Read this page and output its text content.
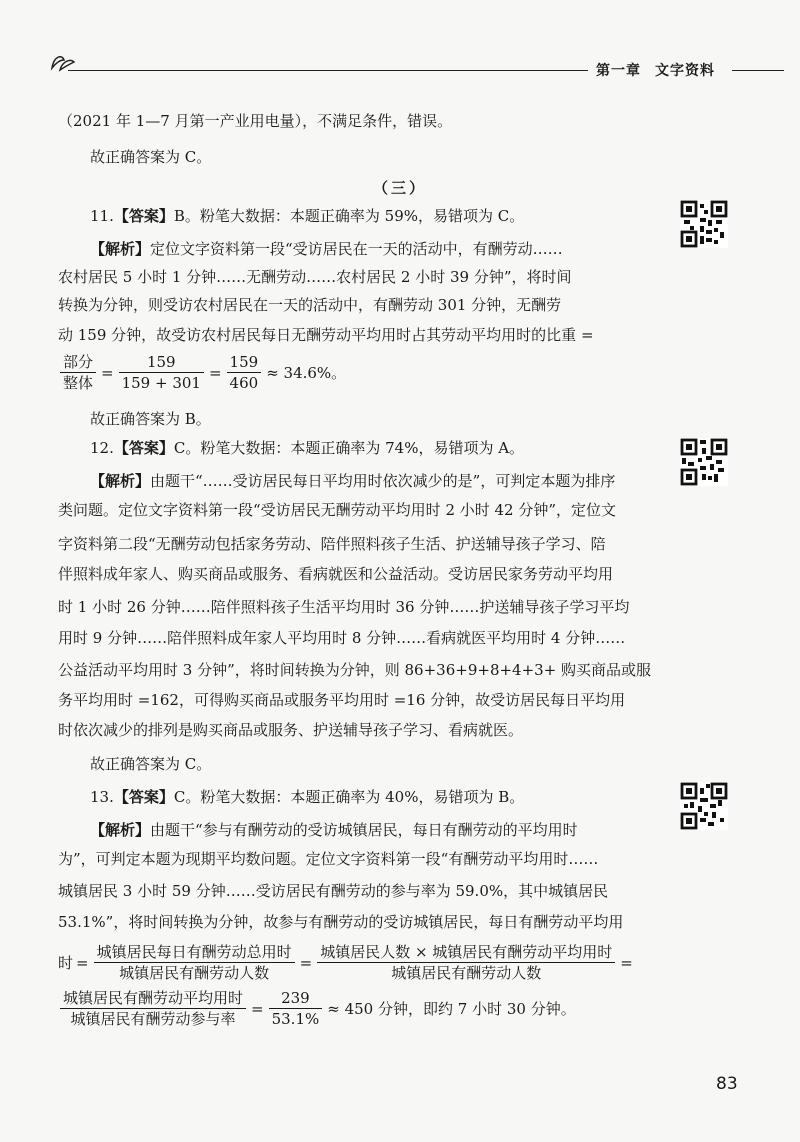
第一章 文字资料
（2021 年 1—7 月第一产业用电量），不满足条件，错误。
故正确答案为 C。
（三）
11.【答案】B。粉笔大数据：本题正确率为 59%，易错项为 C。
【解析】定位文字资料第一段“受访居民在一天的活动中，有酬劳动……
农村居民 5 小时 1 分钟……无酬劳动……农村居民 2 小时 39 分钟”，将时间
转换为分钟，则受访农村居民在一天的活动中，有酬劳动 301 分钟，无酬劳
动 159 分钟，故受访农村居民每日无酬劳动平均用时占其劳动平均用时的比重 =
$\frac{\text{部分}}{\text{整体}} = \frac{159}{159 + 301} = \frac{159}{460} \approx 34.6\%$。
故正确答案为 B。
12.【答案】C。粉笔大数据：本题正确率为 74%，易错项为 A。
【解析】由题干“……受访居民每日平均用时依次减少的是”，可判定本题为排序
类问题。定位文字资料第一段“受访居民无酬劳动平均用时 2 小时 42 分钟”，定位文
字资料第二段“无酬劳动包括家务劳动、陪伴照料孩子生活、护送辅导孩子学习、陪
伴照料成年家人、购买商品或服务、看病就医和公益活动。受访居民家务劳动平均用
时 1 小时 26 分钟……陪伴照料孩子生活平均用时 36 分钟……护送辅导孩子学习平均
用时 9 分钟……陪伴照料成年家人平均用时 8 分钟……看病就医平均用时 4 分钟……
公益活动平均用时 3 分钟”，将时间转换为分钟，则 86+36+9+8+4+3+ 购买商品或服
务平均用时 =162，可得购买商品或服务平均用时 =16 分钟，故受访居民每日平均用
时依次减少的排列是购买商品或服务、护送辅导孩子学习、看病就医。
故正确答案为 C。
13.【答案】C。粉笔大数据：本题正确率为 40%，易错项为 B。
【解析】由题干“参与有酬劳动的受访城镇居民，每日有酬劳动的平均用时
为”，可判定本题为现期平均数问题。定位文字资料第一段“有酬劳动平均用时……
城镇居民 3 小时 59 分钟……受访居民有酬劳动的参与率为 59.0%，其中城镇居民
53.1%”，将时间转换为分钟，故参与有酬劳动的受访城镇居民，每日有酬劳动平均用
时 = $\frac{\text{城镇居民每日有酬劳动总用时}}{\text{城镇居民有酬劳动人数}} = \frac{\text{城镇居民人数 × 城镇居民有酬劳动平均用时}}{\text{城镇居民有酬劳动人数}}$ =
$\frac{\text{城镇居民有酬劳动平均用时}}{\text{城镇居民有酬劳动参与率}} = \frac{239}{53.1\%} \approx 450$ 分钟，即约 7 小时 30 分钟。
83
